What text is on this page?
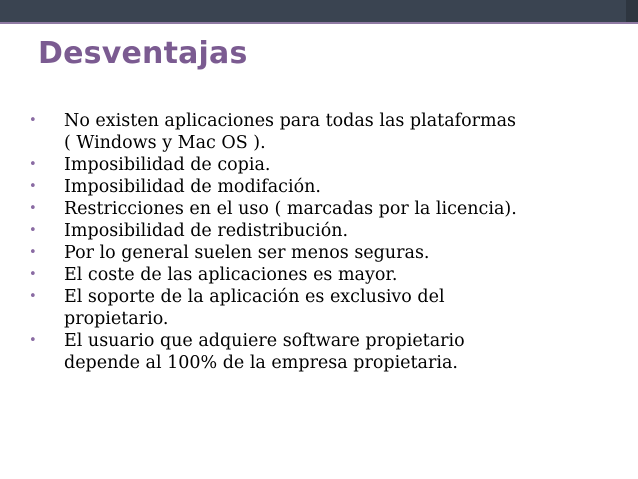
Desventajas
•	No existen aplicaciones para todas las plataformas
( Windows y Mac OS ).
•	Imposibilidad de copia.
•	Imposibilidad de modifación.
•	Restricciones en el uso ( marcadas por la licencia).
•	Imposibilidad de redistribución.
•	Por lo general suelen ser menos seguras.
•	El coste de las aplicaciones es mayor.
•	El soporte de la aplicación es exclusivo del
propietario.
•	El usuario que adquiere software propietario
depende al 100% de la empresa propietaria.
